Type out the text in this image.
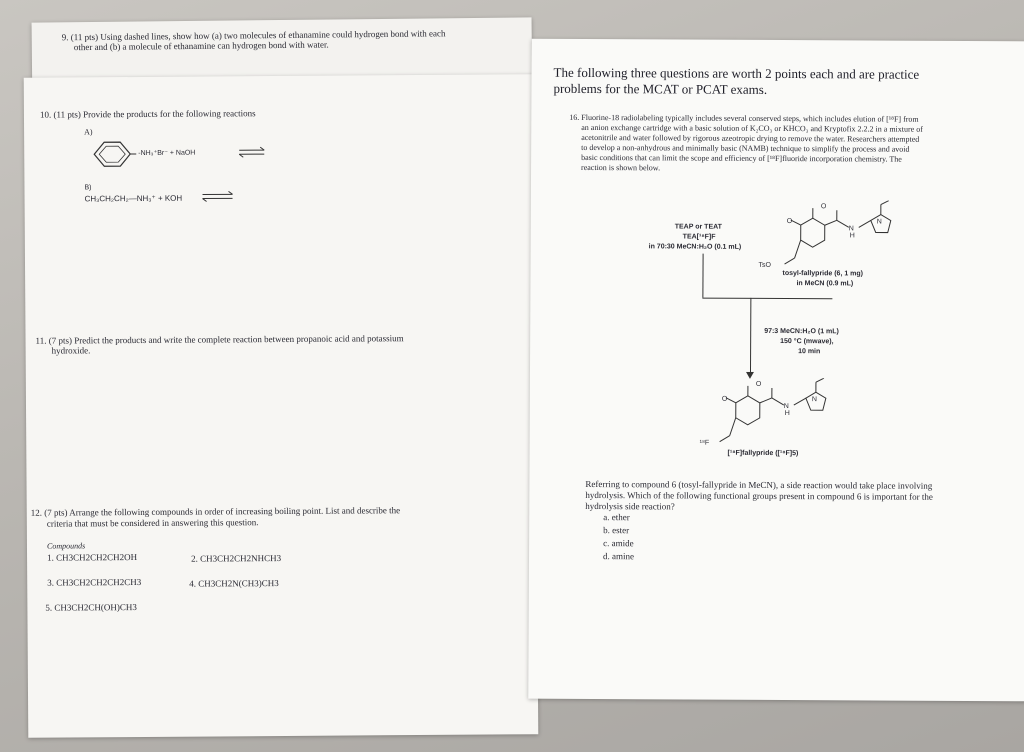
9. (11 pts) Using dashed lines, show how (a) two molecules of ethanamine could hydrogen bond with each
other and (b) a molecule of ethanamine can hydrogen bond with water.
10. (11 pts) Provide the products for the following reactions
A)
-NH₃⁺Br⁻ + NaOH
B)
CH₃CH₂CH₂—NH₃⁺ + KOH
11. (7 pts) Predict the products and write the complete reaction between propanoic acid and potassium
hydroxide.
12. (7 pts) Arrange the following compounds in order of increasing boiling point. List and describe the
criteria that must be considered in answering this question.
Compounds
1. CH3CH2CH2CH2OH	2. CH3CH2CH2NHCH3
3. CH3CH2CH2CH2CH3	4. CH3CH2N(CH3)CH3
5. CH3CH2CH(OH)CH3
The following three questions are worth 2 points each and are practice
problems for the MCAT or PCAT exams.
16. Fluorine-18 radiolabeling typically includes several conserved steps, which includes elution of [¹⁸F] from
an anion exchange cartridge with a basic solution of K₂CO₃ or KHCO₃ and Kryptofix 2.2.2 in a mixture of
acetonitrile and water followed by rigorous azeotropic drying to remove the water. Researchers attempted
to develop a non-anhydrous and minimally basic (NAMB) technique to simplify the process and avoid
basic conditions that can limit the scope and efficiency of [¹⁸F]fluoride incorporation chemistry. The
reaction is shown below.
TEAP or TEAT
TEA[¹⁸F]F
in 70:30 MeCN:H₂O (0.1 mL)
O
O
N
H
N
TsO
tosyl-fallypride (6, 1 mg)
in MeCN (0.9 mL)
97:3 MeCN:H₂O (1 mL)
150 °C (mwave),
10 min
O
O
N
H
N
¹⁸F
[¹⁸F]fallypride ([¹⁸F]5)
Referring to compound 6 (tosyl-fallypride in MeCN), a side reaction would take place involving
hydrolysis. Which of the following functional groups present in compound 6 is important for the
hydrolysis side reaction?
a. ether
b. ester
c. amide
d. amine
